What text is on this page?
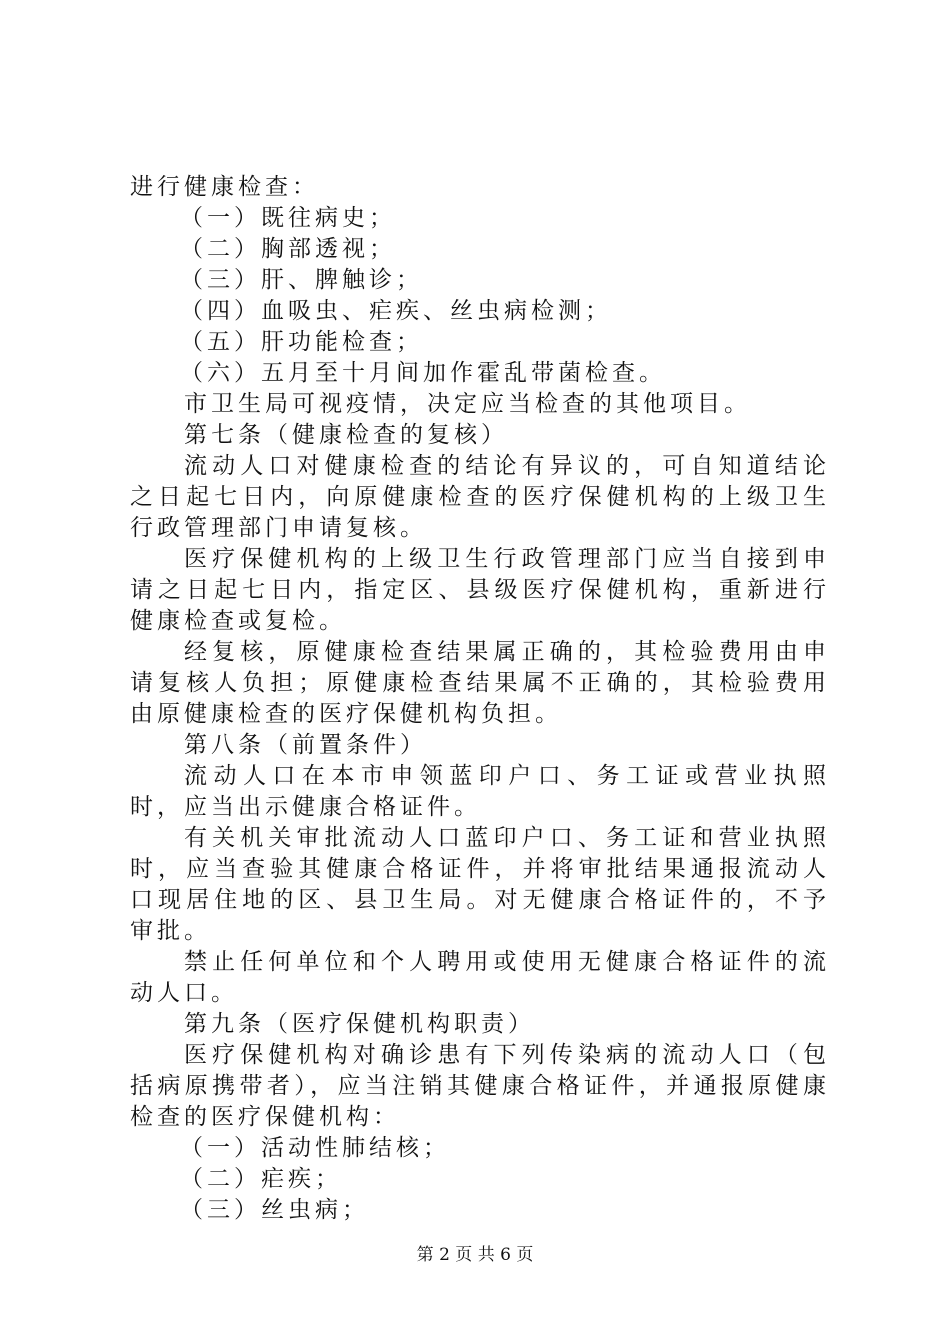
进行健康检查：

（一）既往病史；

（二）胸部透视；

（三）肝、脾触诊；

（四）血吸虫、疟疾、丝虫病检测；

（五）肝功能检查；

（六）五月至十月间加作霍乱带菌检查。

市卫生局可视疫情，决定应当检查的其他项目。

第七条（健康检查的复核）

流动人口对健康检查的结论有异议的，可自知道结论之日起七日内，向原健康检查的医疗保健机构的上级卫生行政管理部门申请复核。

医疗保健机构的上级卫生行政管理部门应当自接到申请之日起七日内，指定区、县级医疗保健机构，重新进行健康检查或复检。

经复核，原健康检查结果属正确的，其检验费用由申请复核人负担；原健康检查结果属不正确的，其检验费用由原健康检查的医疗保健机构负担。

第八条（前置条件）

流动人口在本市申领蓝印户口、务工证或营业执照时，应当出示健康合格证件。

有关机关审批流动人口蓝印户口、务工证和营业执照时，应当查验其健康合格证件，并将审批结果通报流动人口现居住地的区、县卫生局。对无健康合格证件的，不予审批。

禁止任何单位和个人聘用或使用无健康合格证件的流动人口。

第九条（医疗保健机构职责）

医疗保健机构对确诊患有下列传染病的流动人口（包括病原携带者），应当注销其健康合格证件，并通报原健康检查的医疗保健机构：

（一）活动性肺结核；

（二）疟疾；

（三）丝虫病；

第 2 页 共 6 页
